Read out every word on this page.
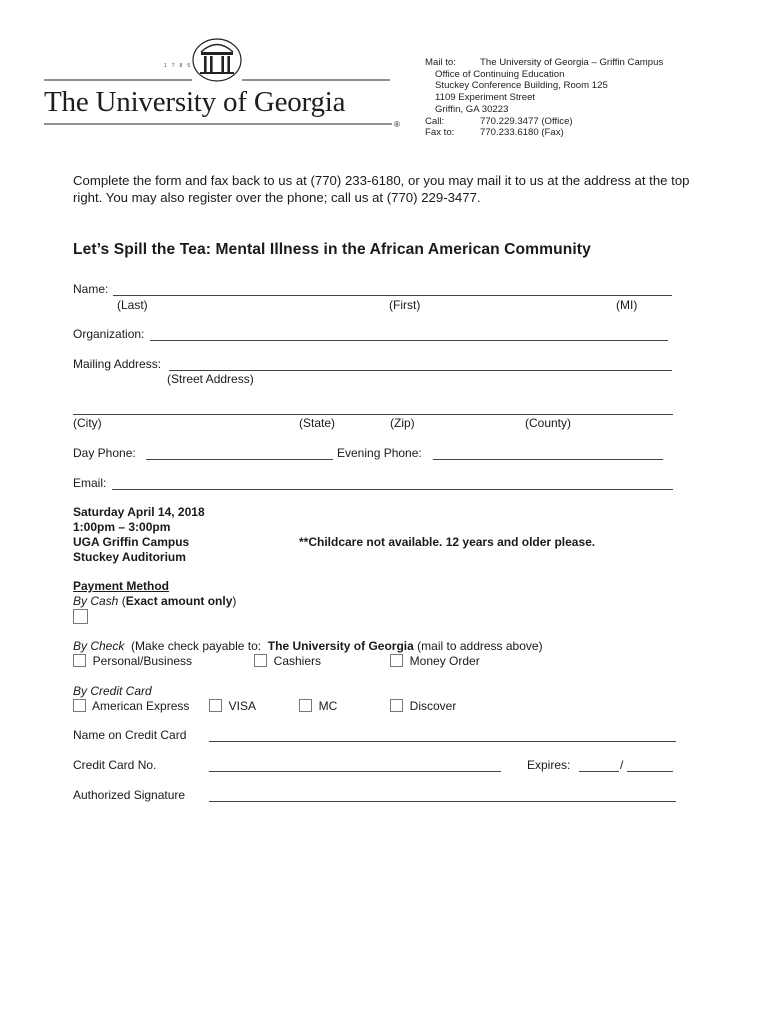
The University of Georgia
1785
®
Mail to:	The University of Georgia – Griffin Campus
Office of Continuing Education
Stuckey Conference Building, Room 125
1109 Experiment Street
Griffin, GA 30223
Call:	770.229.3477 (Office)
Fax to:	770.233.6180 (Fax)
Complete the form and fax back to us at (770) 233-6180, or you may mail it to us at the address at the top right. You may also register over the phone; call us at (770) 229-3477.
Let’s Spill the Tea: Mental Illness in the African American Community
Name:
(Last)	(First)	(MI)
Organization:
Mailing Address:
(Street Address)
(City)	(State)	(Zip)	(County)
Day Phone:	Evening Phone:
Email:
Saturday April 14, 2018
1:00pm – 3:00pm
UGA Griffin Campus
Stuckey Auditorium
**Childcare not available. 12 years and older please.
Payment Method
By Cash (Exact amount only)
By Check (Make check payable to: The University of Georgia (mail to address above)
Personal/Business	Cashiers	Money Order
By Credit Card
American Express	VISA	MC	Discover
Name on Credit Card
Credit Card No.	Expires:	/
Authorized Signature
